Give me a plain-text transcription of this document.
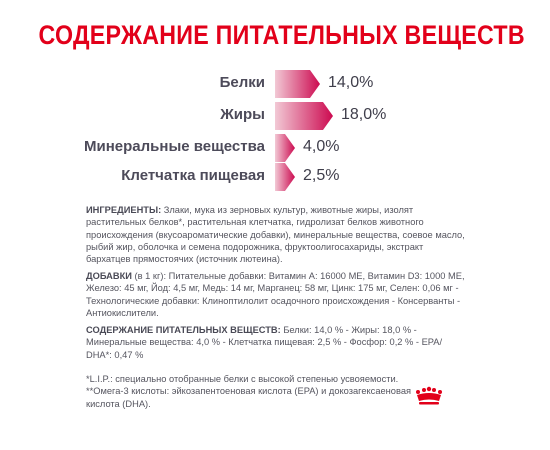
СОДЕРЖАНИЕ ПИТАТЕЛЬНЫХ ВЕЩЕСТВ
Белки	14,0%
Жиры	18,0%
Минеральные вещества 4,0%
Клетчатка пищевая 2,5%
ИНГРЕДИЕНТЫ: Злаки, мука из зерновых культур, животные жиры, изолят растительных белков*, растительная клетчатка, гидролизат белков животного происхождения (вкусоароматические добавки), минеральные вещества, соевое масло, рыбий жир, оболочка и семена подорожника, фруктоолигосахариды, экстракт бархатцев прямостоячих (источник лютеина).
ДОБАВКИ (в 1 кг): Питательные добавки: Витамин A: 16000 МЕ, Витамин D3: 1000 МЕ, Железо: 45 мг, Йод: 4,5 мг, Медь: 14 мг, Марганец: 58 мг, Цинк: 175 мг, Селен: 0,06 мг - Технологические добавки: Клиноптилолит осадочного происхождения - Консерванты - Антиокислители.
СОДЕРЖАНИЕ ПИТАТЕЛЬНЫХ ВЕЩЕСТВ: Белки: 14,0 % - Жиры: 18,0 % - Минеральные вещества: 4,0 % - Клетчатка пищевая: 2,5 % - Фосфор: 0,2 % - EPA/ DHA*: 0,47 %
*L.I.P.: специально отобранные белки с высокой степенью усвояемости.
**Омега-3 кислоты: эйкозапентоеновая кислота (EPA) и докозагексаеновая кислота (DHA).
